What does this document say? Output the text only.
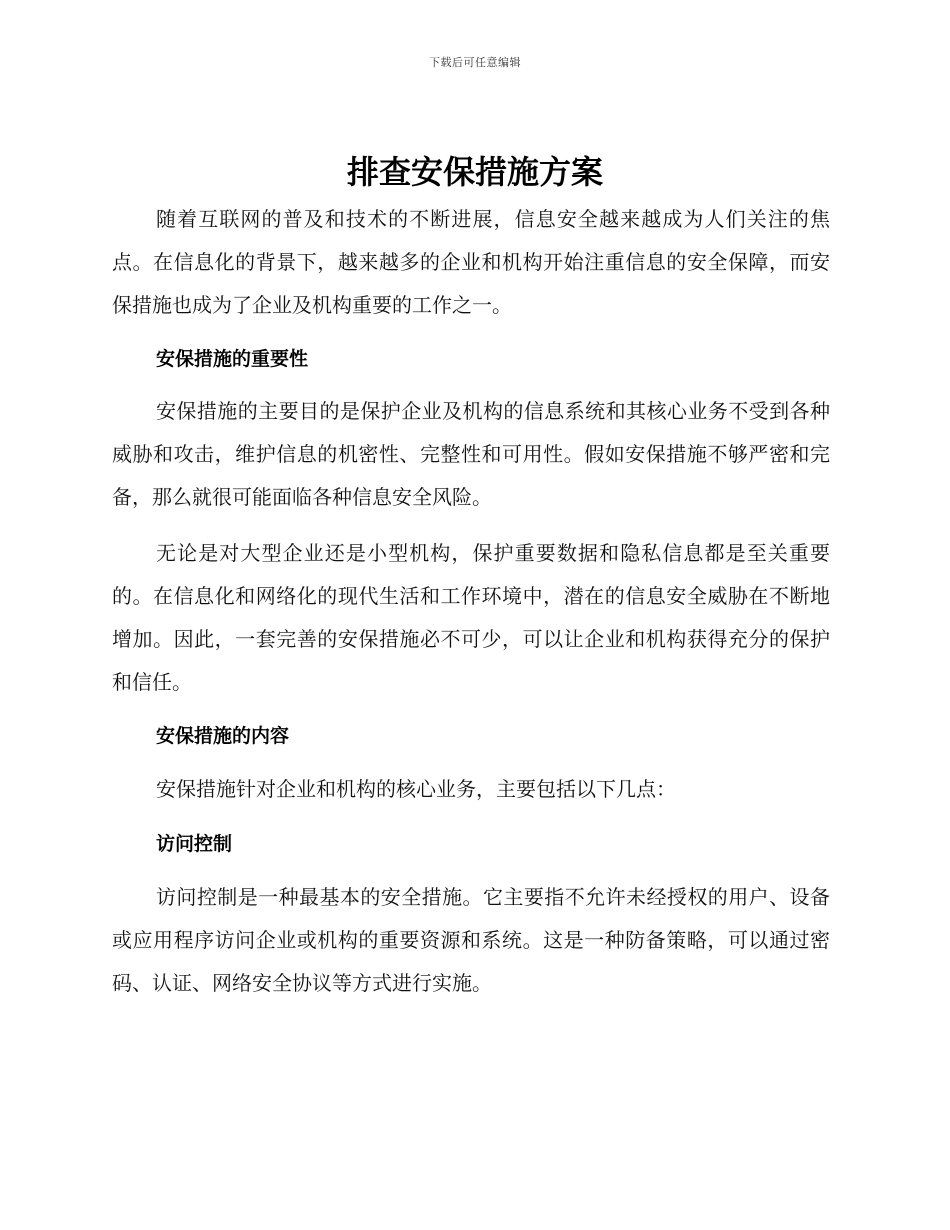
下载后可任意编辑
排查安保措施方案

随着互联网的普及和技术的不断进展，信息安全越来越成为人们关注的焦点。在信息化的背景下，越来越多的企业和机构开始注重信息的安全保障，而安保措施也成为了企业及机构重要的工作之一。

安保措施的重要性

安保措施的主要目的是保护企业及机构的信息系统和其核心业务不受到各种威胁和攻击，维护信息的机密性、完整性和可用性。假如安保措施不够严密和完备，那么就很可能面临各种信息安全风险。

无论是对大型企业还是小型机构，保护重要数据和隐私信息都是至关重要的。在信息化和网络化的现代生活和工作环境中，潜在的信息安全威胁在不断地增加。因此，一套完善的安保措施必不可少，可以让企业和机构获得充分的保护和信任。

安保措施的内容

安保措施针对企业和机构的核心业务，主要包括以下几点：

访问控制

访问控制是一种最基本的安全措施。它主要指不允许未经授权的用户、设备或应用程序访问企业或机构的重要资源和系统。这是一种防备策略，可以通过密码、认证、网络安全协议等方式进行实施。
